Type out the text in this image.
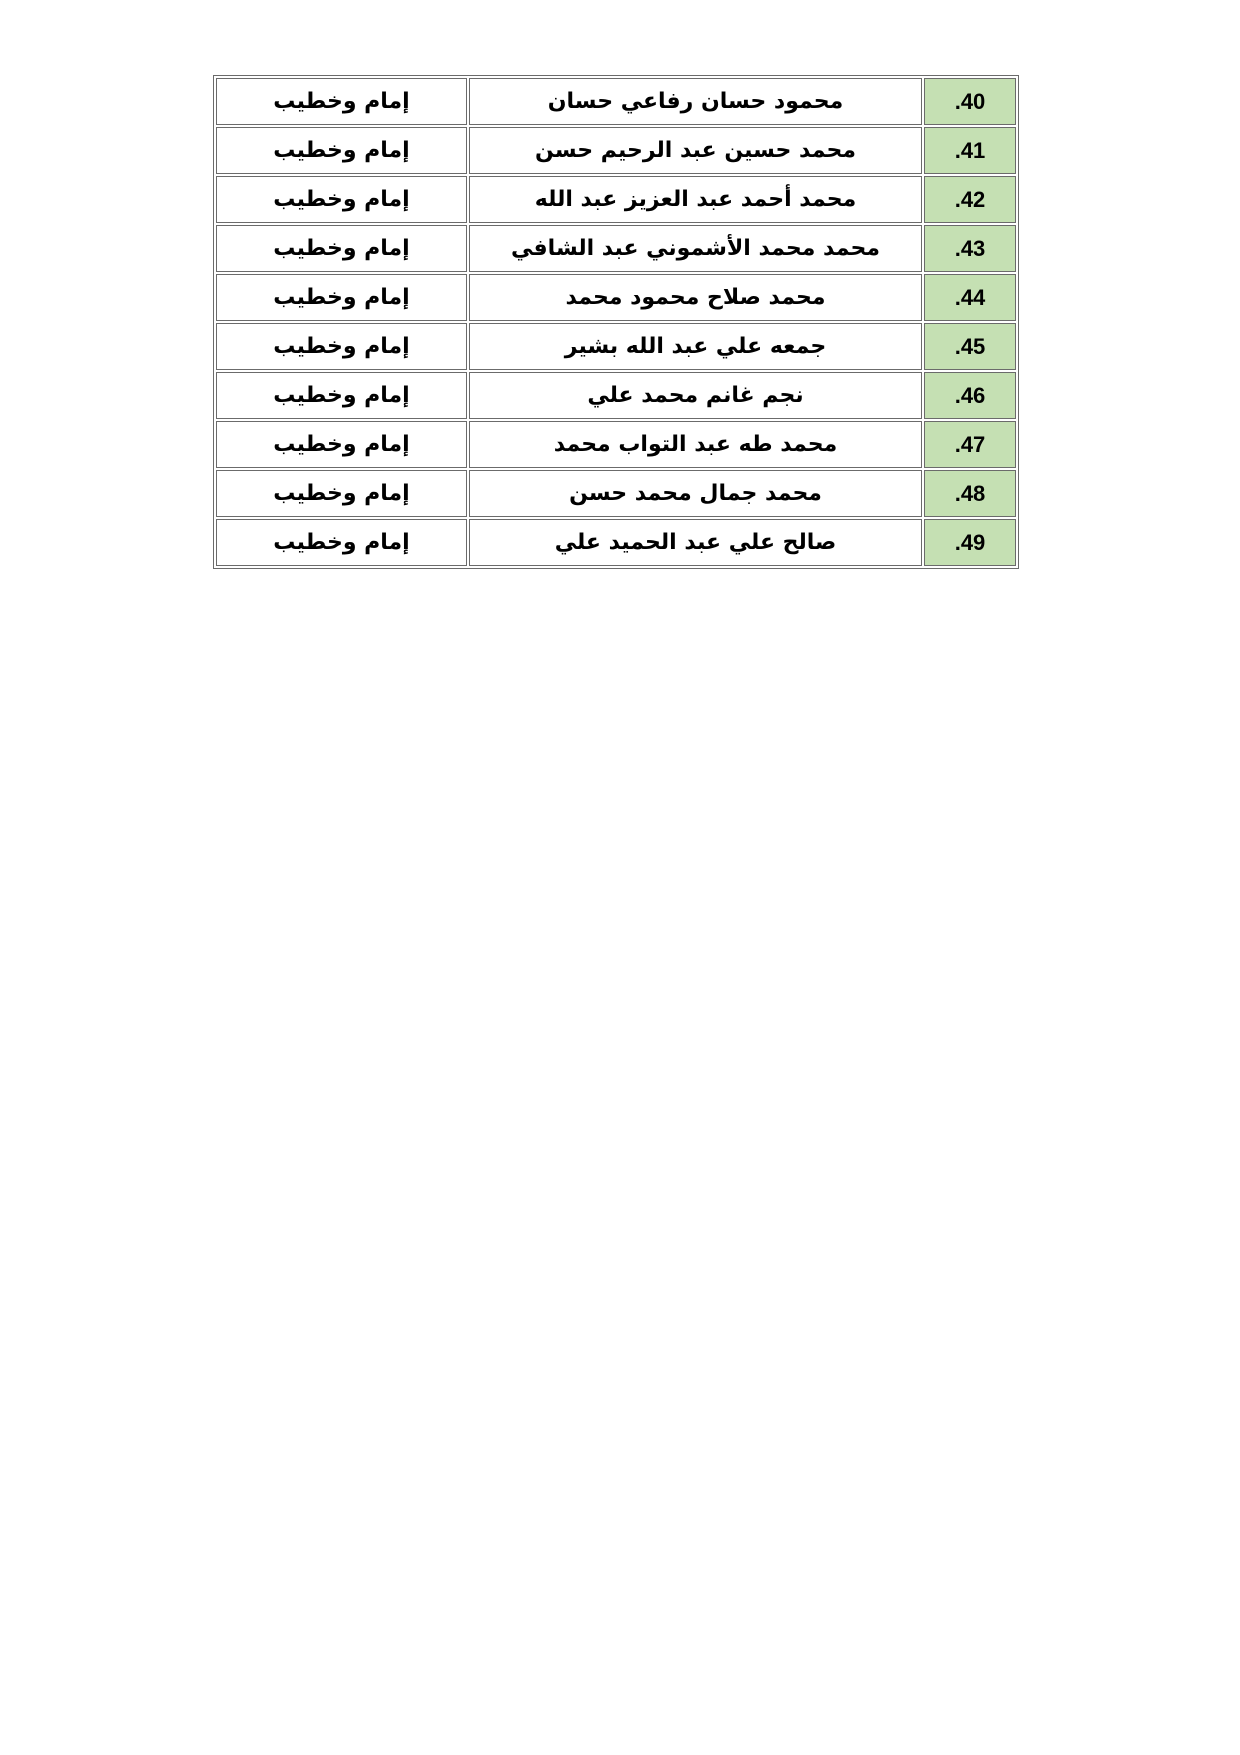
40.	محمود حسان رفاعي حسان	إمام وخطيب
41.	محمد حسين عبد الرحيم حسن	إمام وخطيب
42.	محمد أحمد عبد العزيز عبد الله	إمام وخطيب
43.	محمد محمد الأشموني عبد الشافي	إمام وخطيب
44.	محمد صلاح محمود محمد	إمام وخطيب
45.	جمعه علي عبد الله بشير	إمام وخطيب
46.	نجم غانم محمد علي	إمام وخطيب
47.	محمد طه عبد التواب محمد	إمام وخطيب
48.	محمد جمال محمد حسن	إمام وخطيب
49.	صالح علي عبد الحميد علي	إمام وخطيب
